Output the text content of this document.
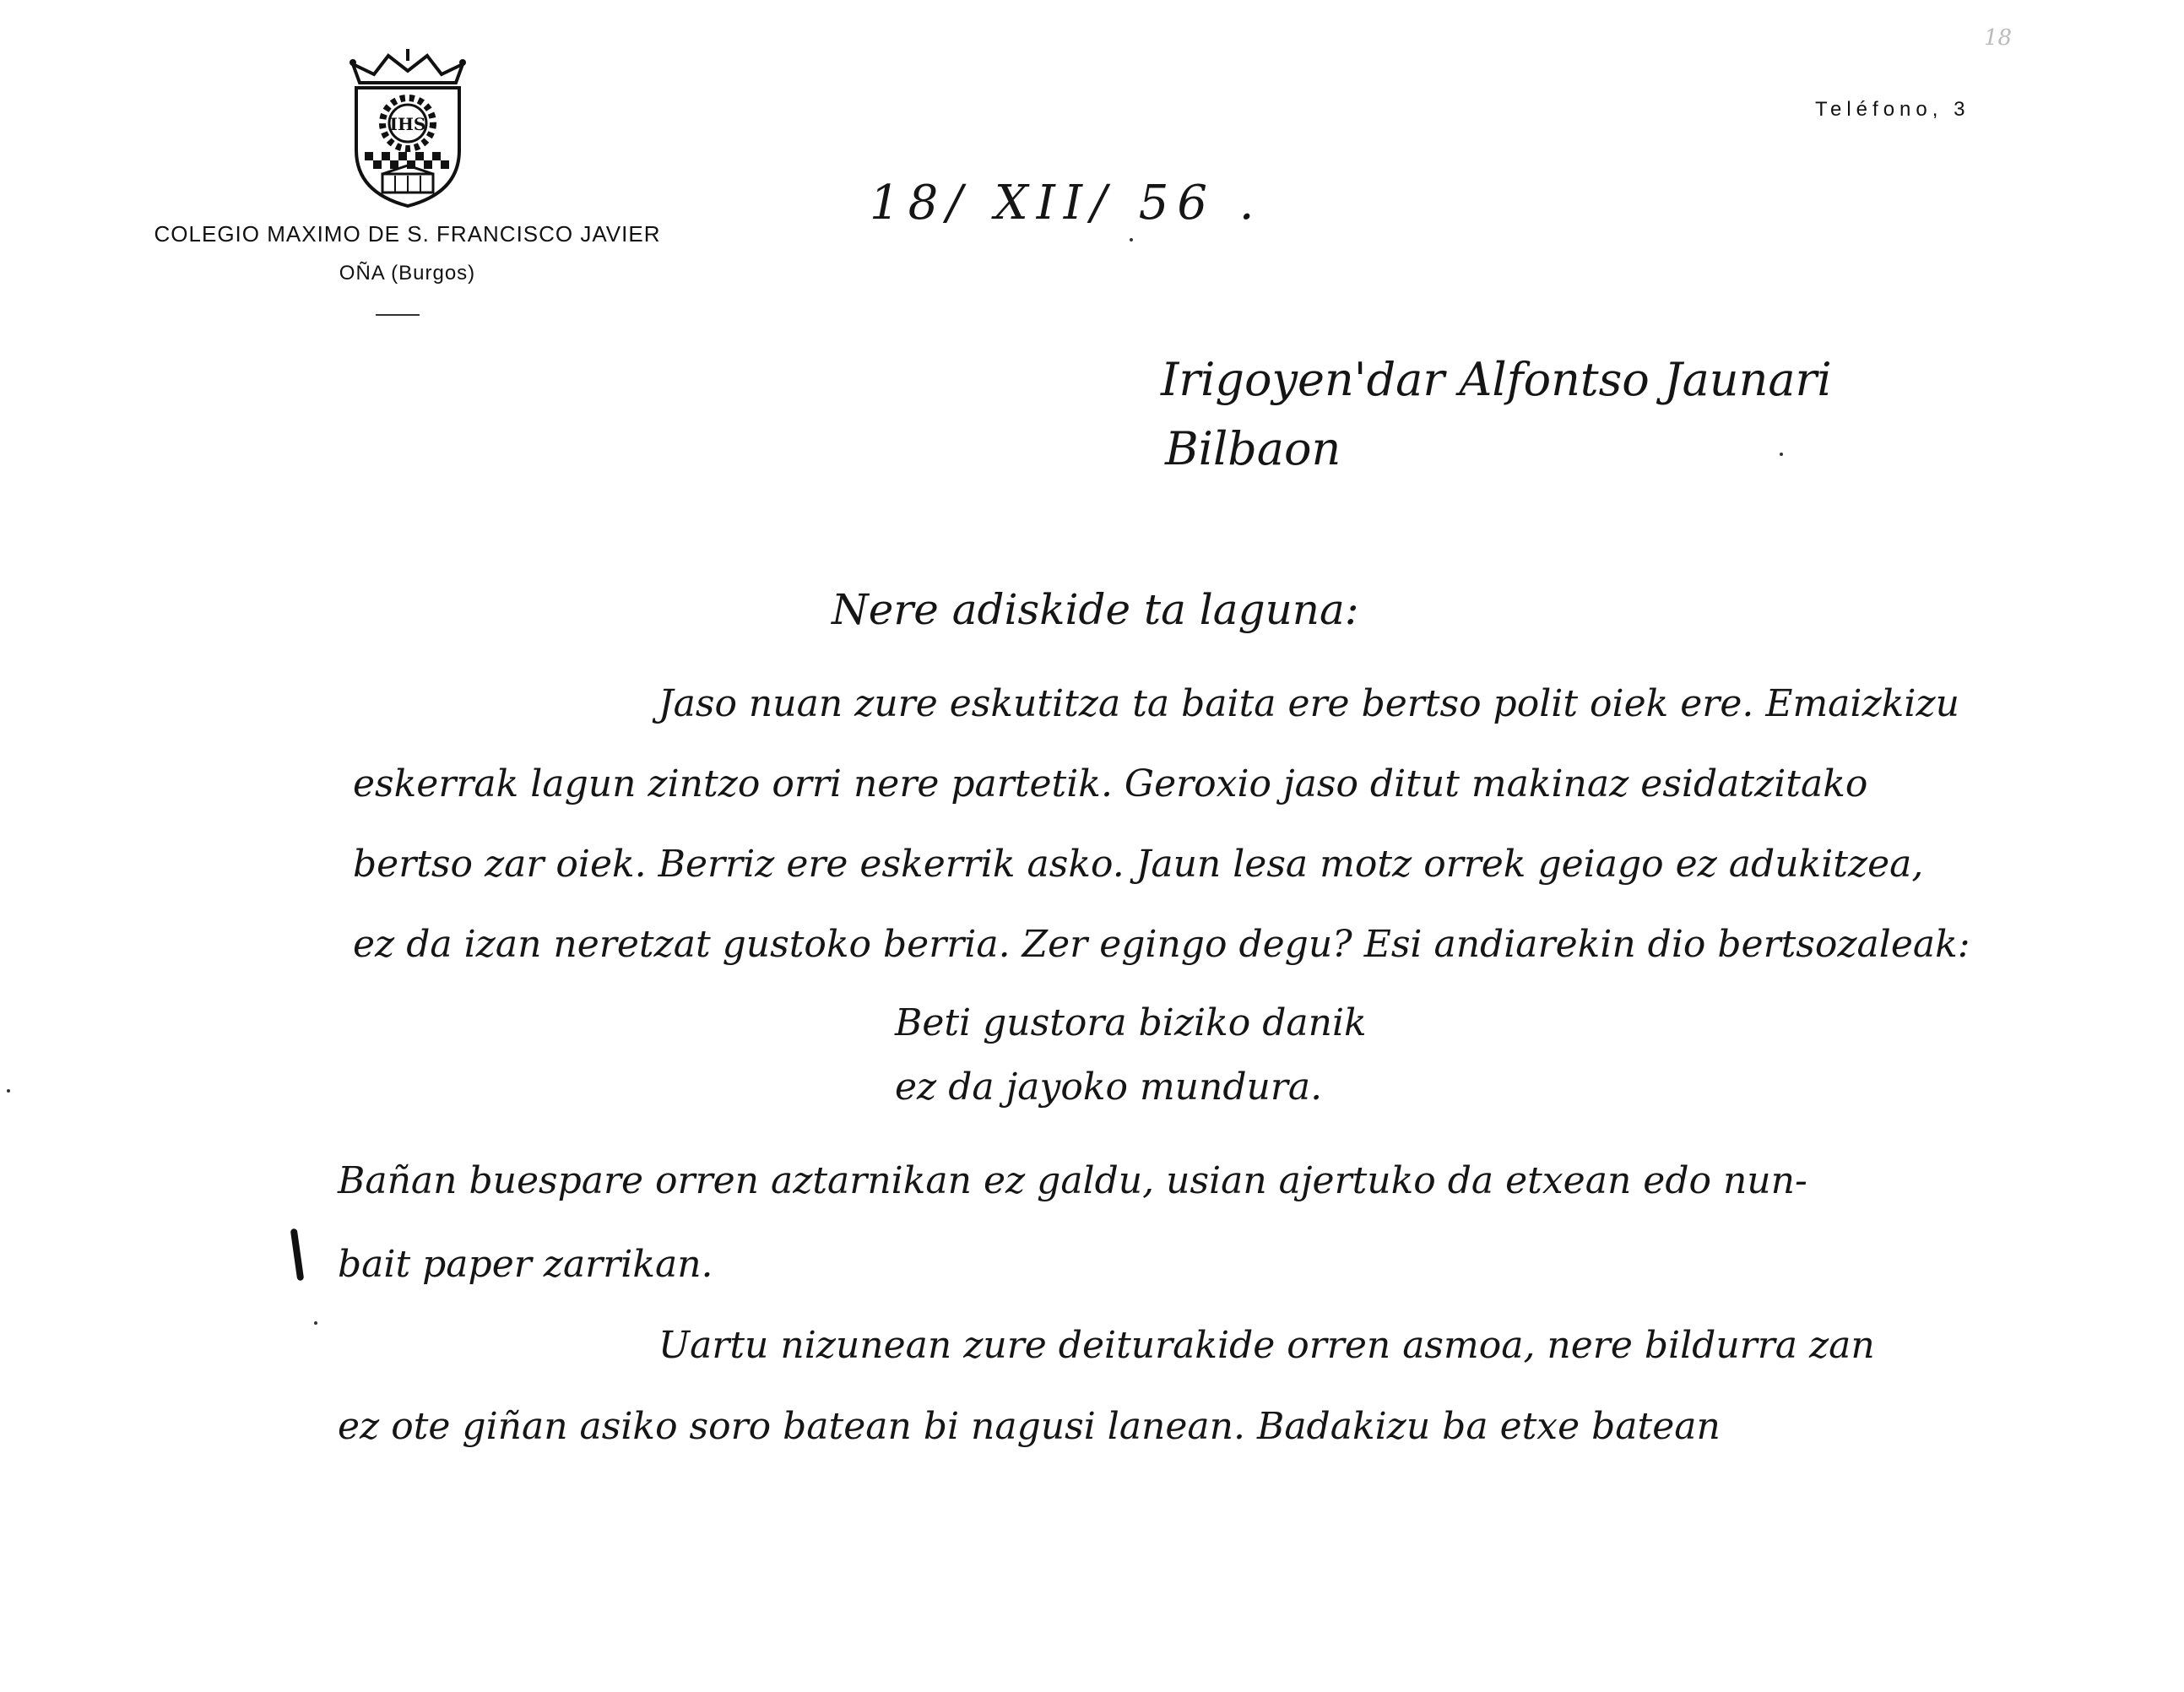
IHS
COLEGIO MAXIMO DE S. FRANCISCO JAVIER
OÑA (Burgos)
Teléfono, 3
18
18/ XII/ 56 .
Irigoyen'dar Alfontso Jaunari
Bilbaon
Nere adiskide ta laguna:
Jaso nuan zure eskutitza ta baita ere bertso polit oiek ere. Emaizkizu
eskerrak lagun zintzo orri nere partetik. Geroxio jaso ditut makinaz esidatzitako
bertso zar oiek. Berriz ere eskerrik asko. Jaun lesa motz orrek geiago ez adukitzea,
ez da izan neretzat gustoko berria. Zer egingo degu? Esi andiarekin dio bertsozaleak:
Beti gustora biziko danik
ez da jayoko mundura.
Bañan buespare orren aztarnikan ez galdu, usian ajertuko da etxean edo nun-
bait paper zarrikan.
Uartu nizunean zure deiturakide orren asmoa, nere bildurra zan
ez ote giñan asiko soro batean bi nagusi lanean. Badakizu ba etxe batean
